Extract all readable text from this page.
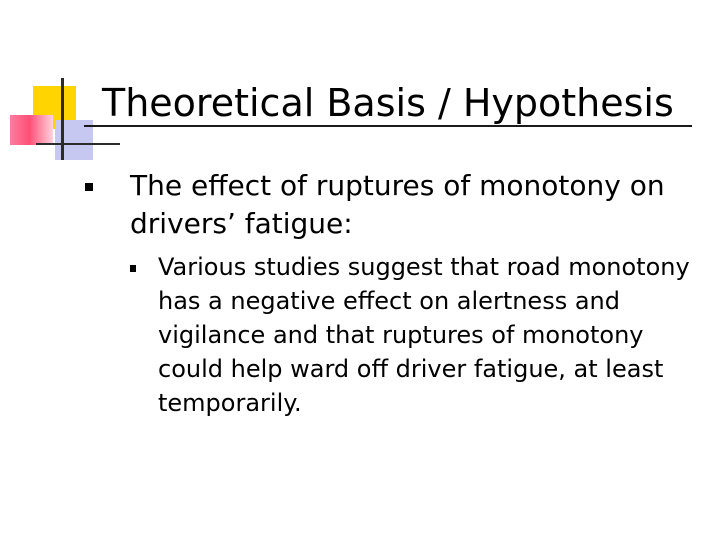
Theoretical Basis / Hypothesis
The effect of ruptures of monotony on drivers’ fatigue:
Various studies suggest that road monotony has a negative effect on alertness and vigilance and that ruptures of monotony could help ward off driver fatigue, at least temporarily.
